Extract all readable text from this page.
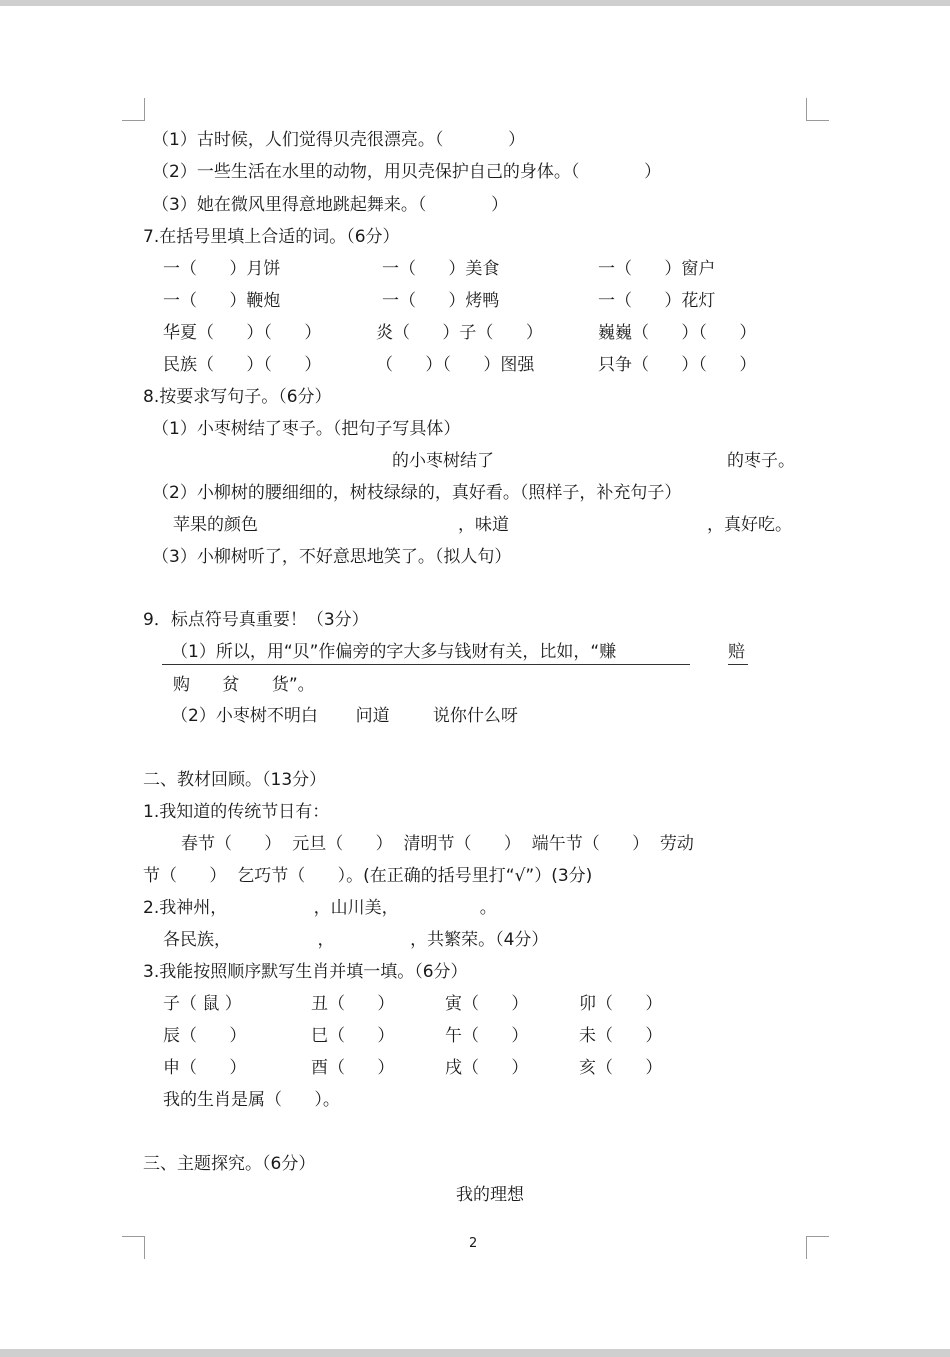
（1）古时候，人们觉得贝壳很漂亮。（            ）
（2）一些生活在水里的动物，用贝壳保护自己的身体。（            ）
（3）她在微风里得意地跳起舞来。（            ）
7.在括号里填上合适的词。（6分）
一（      ）月饼	一（      ）美食	一（      ）窗户
一（      ）鞭炮	一（      ）烤鸭	一（      ）花灯
华夏（      ）（      ）	炎（      ）子（      ）	巍巍（      ）（      ）
民族（      ）（      ）	（      ）（      ）图强	只争（      ）（      ）
8.按要求写句子。（6分）
（1）小枣树结了枣子。（把句子写具体）
的小枣树结了	的枣子。
（2）小柳树的腰细细的，树枝绿绿的，真好看。（照样子，补充句子）
苹果的颜色	，味道	，真好吃。
（3）小柳树听了，不好意思地笑了。（拟人句）
9．标点符号真重要！（3分）
（1）所以，用“贝”作偏旁的字大多与钱财有关，比如，“赚	赔
购      贫      货”。
（2）小枣树不明白       问道        说你什么呀
二、教材回顾。（13分）
1.我知道的传统节日有：
春节（      ）  元旦（      ）  清明节（      ）  端午节（      ）  劳动
节（      ）  乞巧节（      ）。(在正确的括号里打“√”）(3分)
2.我神州，                ，山川美，               。
各民族，                ，              ，共繁荣。（4分）
3.我能按照顺序默写生肖并填一填。（6分）
子（ 鼠 ）	丑（      ）	寅（      ）	卯（      ）
辰（      ）	巳（      ）	午（      ）	未（      ）
申（      ）	酉（      ）	戌（      ）	亥（      ）
我的生肖是属（      ）。
三、主题探究。（6分）
我的理想
2
